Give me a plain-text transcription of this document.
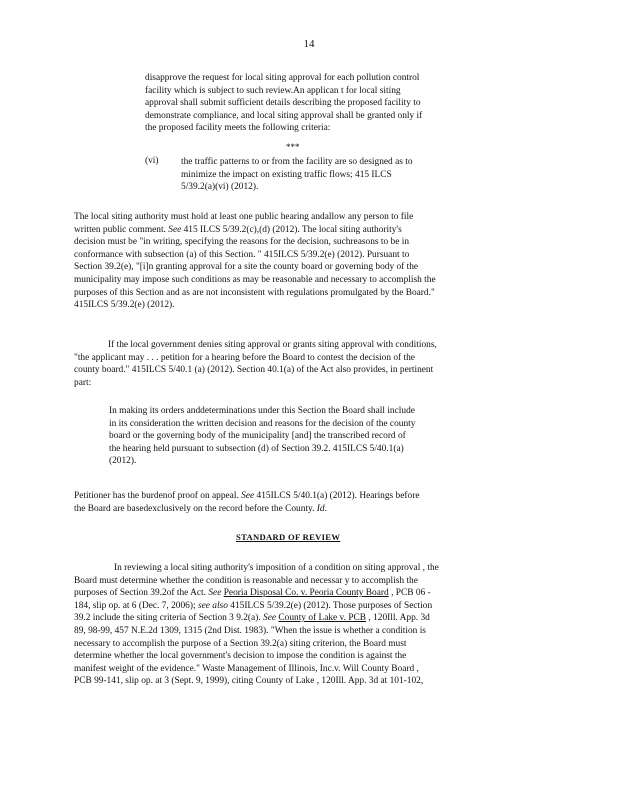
14
disapprove the request for local siting approval for each pollution control
facility which is subject to such review.An applican t for local siting
approval shall submit sufficient details describing the proposed facility to
demonstrate compliance, and local siting approval shall be granted only if
the proposed facility meets the following criteria:
***
(vi) the traffic patterns to or from the facility are so designed as to
minimize the impact on existing traffic flows; 415 ILCS
5/39.2(a)(vi) (2012).
The local siting authority must hold at least one public hearing andallow any person to file
written public comment. See 415 ILCS 5/39.2(c),(d) (2012). The local siting authority's
decision must be "in writing, specifying the reasons for the decision, suchreasons to be in
conformance with subsection (a) of this Section. " 415ILCS 5/39.2(e) (2012). Pursuant to
Section 39.2(e), "[i]n granting approval for a site the county board or governing body of the
municipality may impose such conditions as may be reasonable and necessary to accomplish the
purposes of this Section and as are not inconsistent with regulations promulgated by the Board."
415ILCS 5/39.2(e) (2012).
If the local government denies siting approval or grants siting approval with conditions,
"the applicant may . . . petition for a hearing before the Board to contest the decision of the
county board." 415ILCS 5/40.1 (a) (2012). Section 40.1(a) of the Act also provides, in pertinent
part:
In making its orders anddeterminations under this Section the Board shall include
in its consideration the written decision and reasons for the decision of the county
board or the governing body of the municipality [and] the transcribed record of
the hearing held pursuant to subsection (d) of Section 39.2. 415ILCS 5/40.1(a)
(2012).
Petitioner has the burdenof proof on appeal. See 415ILCS 5/40.1(a) (2012). Hearings before
the Board are basedexclusively on the record before the County. Id.
STANDARD OF REVIEW
In reviewing a local siting authority's imposition of a condition on siting approval , the
Board must determine whether the condition is reasonable and necessar y to accomplish the
purposes of Section 39.2of the Act. See Peoria Disposal Co. v. Peoria County Board , PCB 06 -
184, slip op. at 6 (Dec. 7, 2006); see also 415ILCS 5/39.2(e) (2012). Those purposes of Section
39.2 include the siting criteria of Section 3 9.2(a). See County of Lake v. PCB , 120Ill. App. 3d
89, 98-99, 457 N.E.2d 1309, 1315 (2nd Dist. 1983). "When the issue is whether a condition is
necessary to accomplish the purpose of a Section 39.2(a) siting criterion, the Board must
determine whether the local government's decision to impose the condition is against the
manifest weight of the evidence." Waste Management of Illinois, Inc.v. Will County Board ,
PCB 99-141, slip op. at 3 (Sept. 9, 1999), citing County of Lake , 120Ill. App. 3d at 101-102,
